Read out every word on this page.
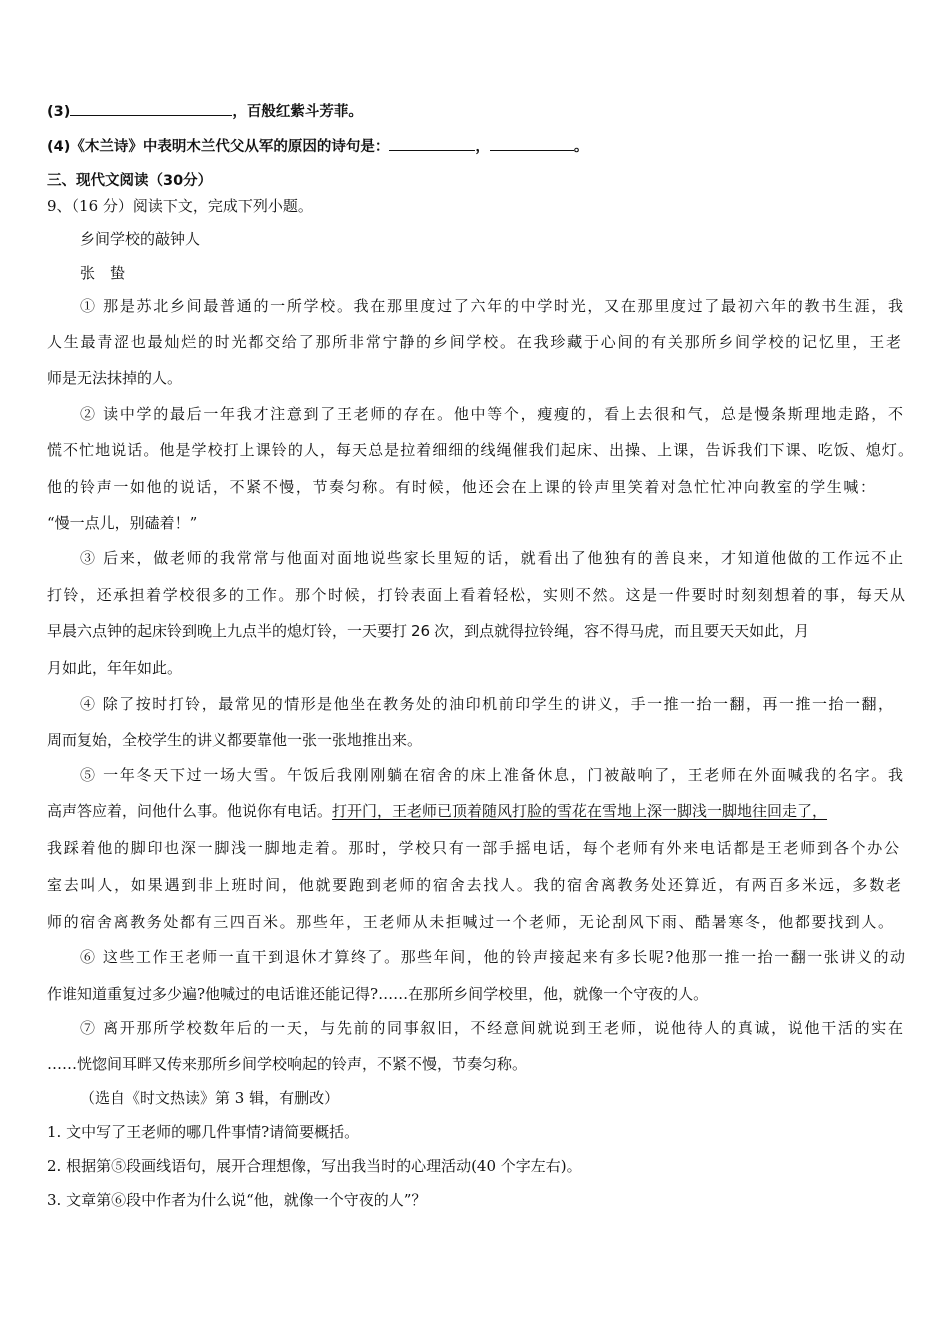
(3)	，百般红紫斗芳菲。
(4)《木兰诗》中表明木兰代父从军的原因的诗句是：	，	。
三、现代文阅读（30分）
9、（16 分）阅读下文，完成下列小题。
乡间学校的敲钟人
张　蛰
① 那是苏北乡间最普通的一所学校。我在那里度过了六年的中学时光，又在那里度过了最初六年的教书生涯，我
人生最青涩也最灿烂的时光都交给了那所非常宁静的乡间学校。在我珍藏于心间的有关那所乡间学校的记忆里，王老
师是无法抹掉的人。
② 读中学的最后一年我才注意到了王老师的存在。他中等个，瘦瘦的，看上去很和气，总是慢条斯理地走路，不
慌不忙地说话。他是学校打上课铃的人，每天总是拉着细细的线绳催我们起床、出操、上课，告诉我们下课、吃饭、熄灯。
他的铃声一如他的说话，不紧不慢，节奏匀称。有时候，他还会在上课的铃声里笑着对急忙忙冲向教室的学生喊：
“慢一点儿，别磕着！”
③ 后来，做老师的我常常与他面对面地说些家长里短的话，就看出了他独有的善良来，才知道他做的工作远不止
打铃，还承担着学校很多的工作。那个时候，打铃表面上看着轻松，实则不然。这是一件要时时刻刻想着的事，每天从
早晨六点钟的起床铃到晚上九点半的熄灯铃，一天要打 26 次，到点就得拉铃绳，容不得马虎，而且要天天如此，月
月如此，年年如此。
④ 除了按时打铃，最常见的情形是他坐在教务处的油印机前印学生的讲义，手一推一抬一翻，再一推一抬一翻，
周而复始，全校学生的讲义都要靠他一张一张地推出来。
⑤ 一年冬天下过一场大雪。午饭后我刚刚躺在宿舍的床上准备休息，门被敲响了，王老师在外面喊我的名字。我
高声答应着，问他什么事。他说你有电话。打开门，王老师已顶着随风打脸的雪花在雪地上深一脚浅一脚地往回走了，
我踩着他的脚印也深一脚浅一脚地走着。那时，学校只有一部手摇电话，每个老师有外来电话都是王老师到各个办公
室去叫人，如果遇到非上班时间，他就要跑到老师的宿舍去找人。我的宿舍离教务处还算近，有两百多米远，多数老
师的宿舍离教务处都有三四百米。那些年，王老师从未拒喊过一个老师，无论刮风下雨、酷暑寒冬，他都要找到人。
⑥ 这些工作王老师一直干到退休才算终了。那些年间，他的铃声接起来有多长呢?他那一推一抬一翻一张讲义的动
作谁知道重复过多少遍?他喊过的电话谁还能记得?……在那所乡间学校里，他，就像一个守夜的人。
⑦ 离开那所学校数年后的一天，与先前的同事叙旧，不经意间就说到王老师，说他待人的真诚，说他干活的实在
……恍惚间耳畔又传来那所乡间学校响起的铃声，不紧不慢，节奏匀称。
（选自《时文热读》第 3 辑，有删改）
1. 文中写了王老师的哪几件事情?请简要概括。
2. 根据第⑤段画线语句，展开合理想像，写出我当时的心理活动(40 个字左右)。
3. 文章第⑥段中作者为什么说“他，就像一个守夜的人”？
